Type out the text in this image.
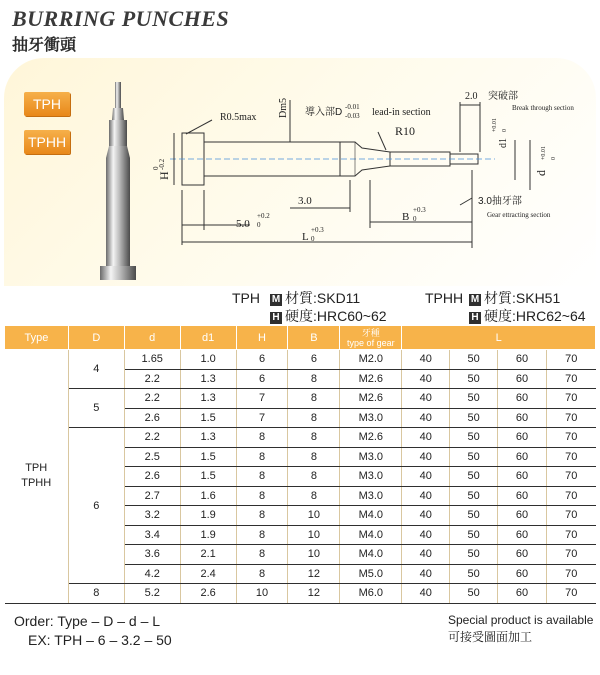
BURRING PUNCHES
抽牙衝頭
TPH
TPHH
R0.5max Dm5 導入部D -0.01
-0.03 lead-in section
R10
2.0 突破部
Break through section
d1
+0.01 0
d
+0.01 0
H
0
-0.2
3.0
5.0
+0.2
0
B
+0.3
0
L
+0.3
0
3.0抽牙部
Gear ettracting section
TPH M 材質:SKD11
H 硬度:HRC60~62
TPHH M 材質:SKH51
H 硬度:HRC62~64
Type	D	d	d1	H	B	牙種
type of gear	L			

TPH
TPHH	4	1.65	1.0	6	6	M2.0	40	50	60	70
		2.2	1.3	6	8	M2.6	40	50	60	70
	5	2.2	1.3	7	8	M2.6	40	50	60	70
		2.6	1.5	7	8	M3.0	40	50	60	70
	6	2.2	1.3	8	8	M2.6	40	50	60	70
		2.5	1.5	8	8	M3.0	40	50	60	70
		2.6	1.5	8	8	M3.0	40	50	60	70
		2.7	1.6	8	8	M3.0	40	50	60	70
		3.2	1.9	8	10	M4.0	40	50	60	70
		3.4	1.9	8	10	M4.0	40	50	60	70
		3.6	2.1	8	10	M4.0	40	50	60	70
		4.2	2.4	8	12	M5.0	40	50	60	70
	8	5.2	2.6	10	12	M6.0	40	50	60	70
Order: Type – D – d – L
EX: TPH – 6 – 3.2 – 50
Special product is available
可接受圖面加工
